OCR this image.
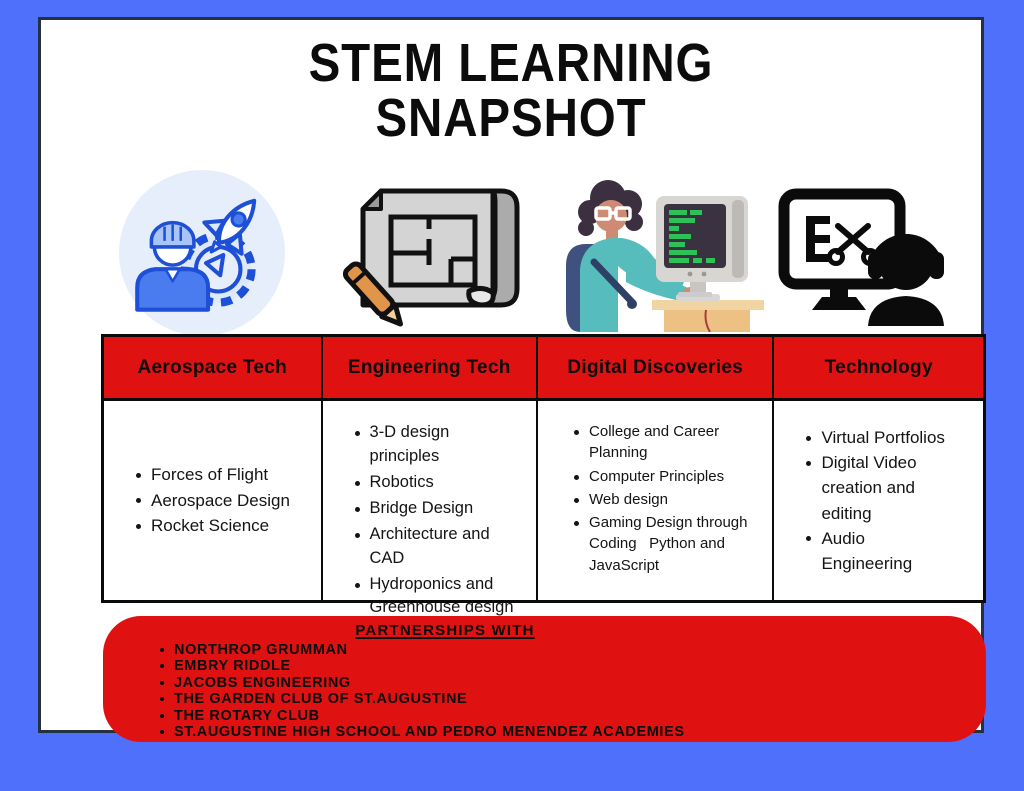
STEM LEARNING
SNAPSHOT
Aerospace Tech
Forces of Flight
Aerospace Design
Rocket Science
Engineering Tech
3-D design principles
Robotics
Bridge Design
Architecture and CAD
Hydroponics and Greenhouse design
Digital Discoveries
College and Career Planning
Computer Principles
Web design
Gaming Design through Coding   Python and JavaScript
Technology
Virtual Portfolios
Digital Video creation and editing
Audio Engineering
PARTNERSHIPS WITH
NORTHROP GRUMMAN
EMBRY RIDDLE
JACOBS ENGINEERING
THE GARDEN CLUB OF ST.AUGUSTINE
THE ROTARY CLUB
ST.AUGUSTINE HIGH SCHOOL AND PEDRO MENENDEZ ACADEMIES
